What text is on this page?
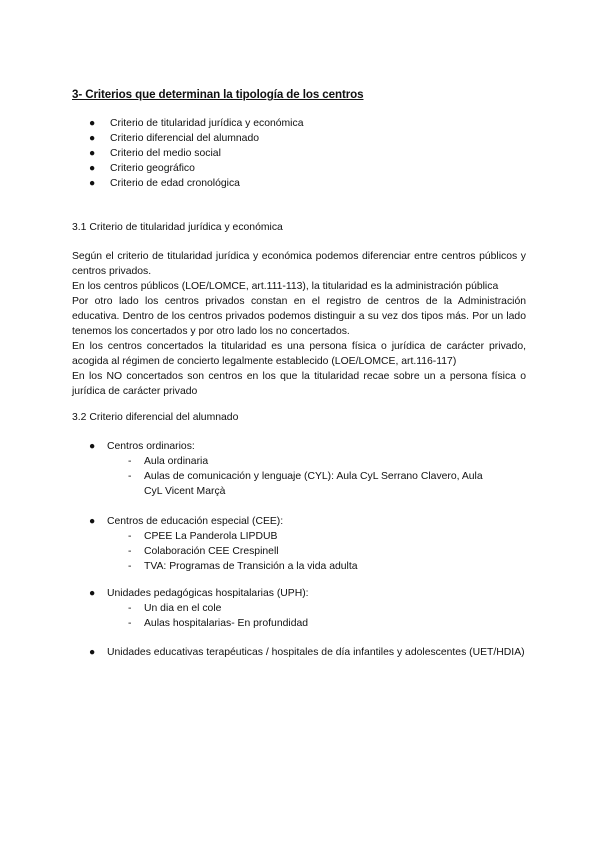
3- Criterios que determinan la tipología de los centros
● Criterio de titularidad jurídica y económica
● Criterio diferencial del alumnado
● Criterio del medio social
● Criterio geográfico
● Criterio de edad cronológica
3.1 Criterio de titularidad jurídica y económica

Según el criterio de titularidad jurídica y económica podemos diferenciar entre centros públicos y centros privados.

En los centros públicos (LOE/LOMCE, art.111-113), la titularidad es la administración pública

Por otro lado los centros privados constan en el registro de centros de la Administración educativa. Dentro de los centros privados podemos distinguir a su vez dos tipos más. Por un lado tenemos los concertados y por otro lado los no concertados.

En los centros concertados la titularidad es una persona física o jurídica de carácter privado, acogida al régimen de concierto legalmente establecido (LOE/LOMCE, art.116-117)

En los NO concertados son centros en los que la titularidad recae sobre un a persona física o jurídica de carácter privado

3.2 Criterio diferencial del alumnado
● Centros ordinarios:
- Aula ordinaria
- Aulas de comunicación y lenguaje (CYL): Aula CyL Serrano Clavero, Aula CyL Vicent Marçà
● Centros de educación especial (CEE):
- CPEE La Panderola LIPDUB
- Colaboración CEE Crespinell
- TVA: Programas de Transición a la vida adulta
● Unidades pedagógicas hospitalarias (UPH):
- Un dia en el cole
- Aulas hospitalarias- En profundidad
● Unidades educativas terapéuticas / hospitales de día infantiles y adolescentes (UET/HDIA)
